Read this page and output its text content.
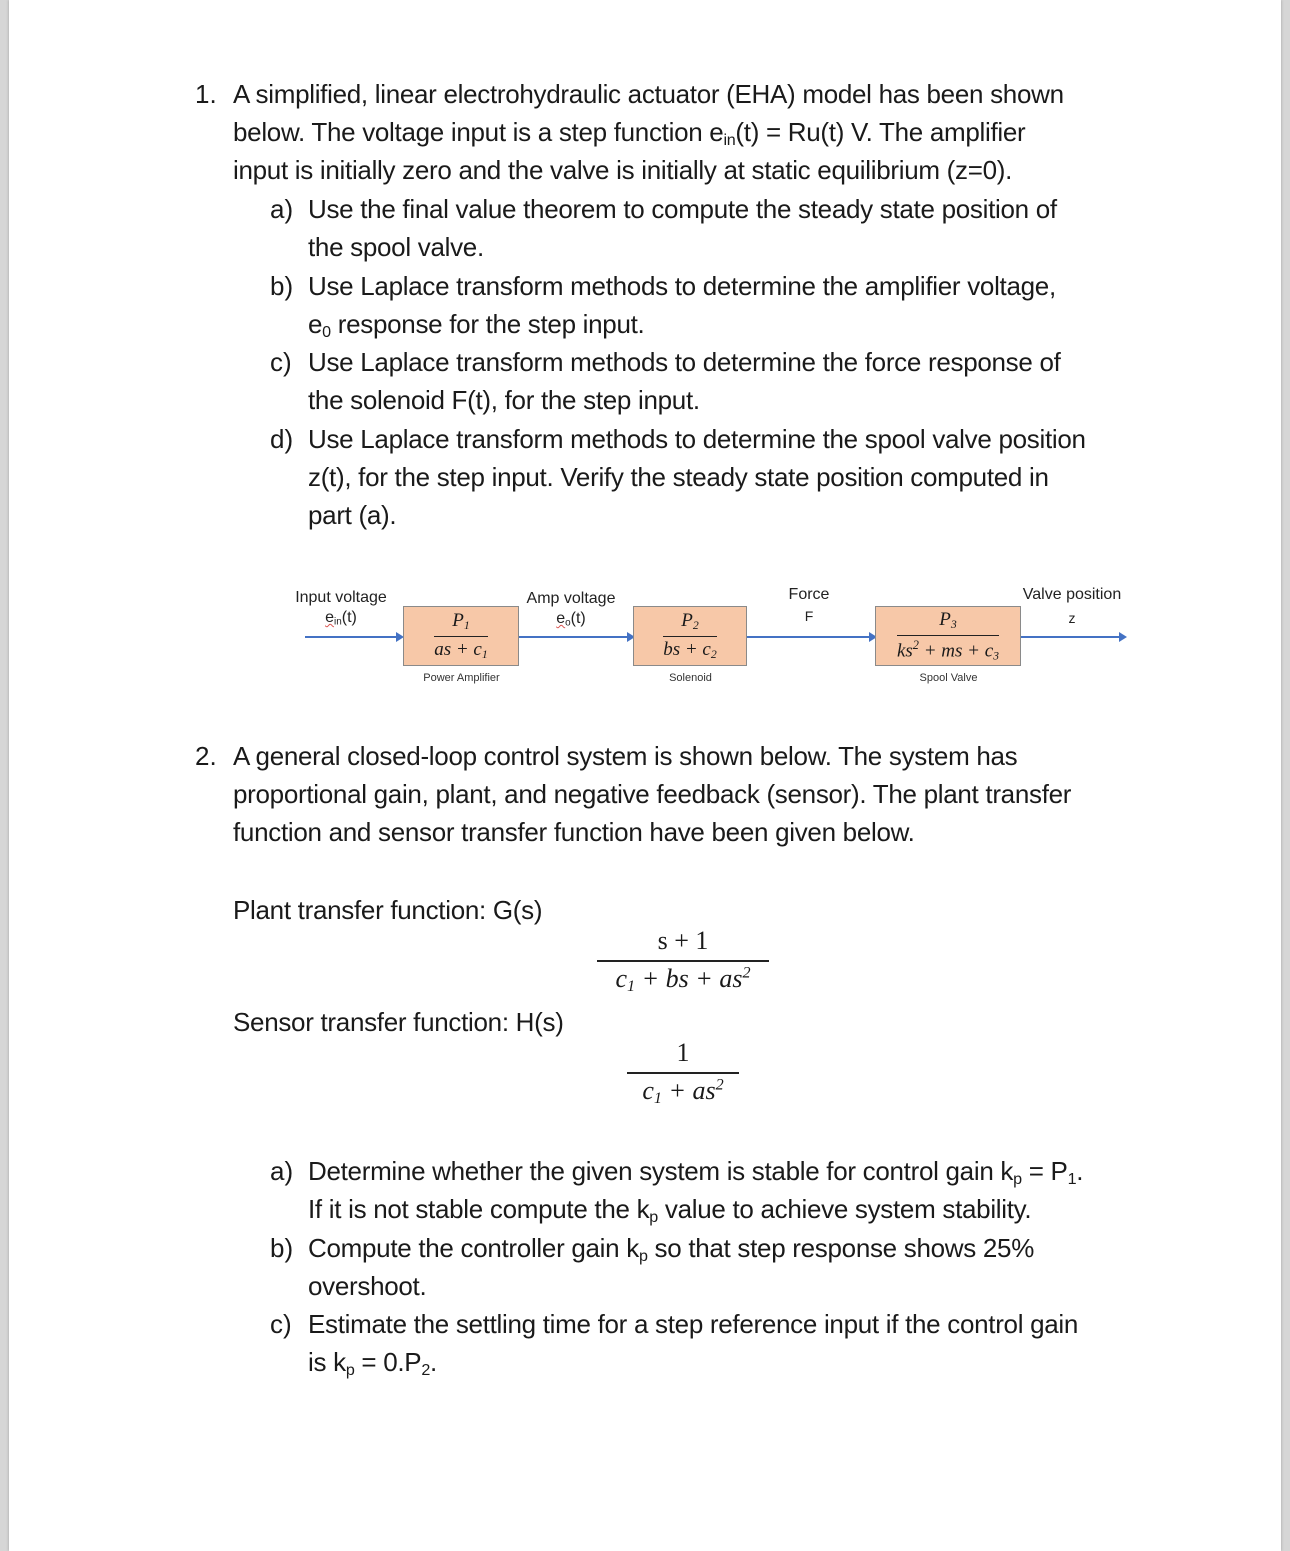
1. A simplified, linear electrohydraulic actuator (EHA) model has been shown
below. The voltage input is a step function $e_{in}(t) = Ru(t)$ V. The amplifier
input is initially zero and the valve is initially at static equilibrium (z=0).
a) Use the final value theorem to compute the steady state position of
the spool valve.
b) Use Laplace transform methods to determine the amplifier voltage,
$e_0$ response for the step input.
c) Use Laplace transform methods to determine the force response of
the solenoid F(t), for the step input.
d) Use Laplace transform methods to determine the spool valve position
z(t), for the step input. Verify the steady state position computed in
part (a).
Input voltage
$e_{in}(t)$	$\frac{P_1}{as + c_1}$
Power Amplifier
Amp voltage
$e_o(t)$	$\frac{P_2}{bs + c_2}$
Solenoid
Force
F	$\frac{P_3}{ks^2 + ms + c_3}$
Spool Valve
Valve position
z
2. A general closed-loop control system is shown below. The system has
proportional gain, plant, and negative feedback (sensor). The plant transfer
function and sensor transfer function have been given below.
Plant transfer function: G(s)
s + 1
$c_1$ + bs + $as^2$
Sensor transfer function: H(s)
1
$c_1 + as^2$
a) Determine whether the given system is stable for control gain $k_p = P_1$.
If it is not stable compute the $k_p$ value to achieve system stability.
b) Compute the controller gain $k_p$ so that step response shows 25%
overshoot.
c) Estimate the settling time for a step reference input if the control gain
is $k_p = 0.P_2$.
